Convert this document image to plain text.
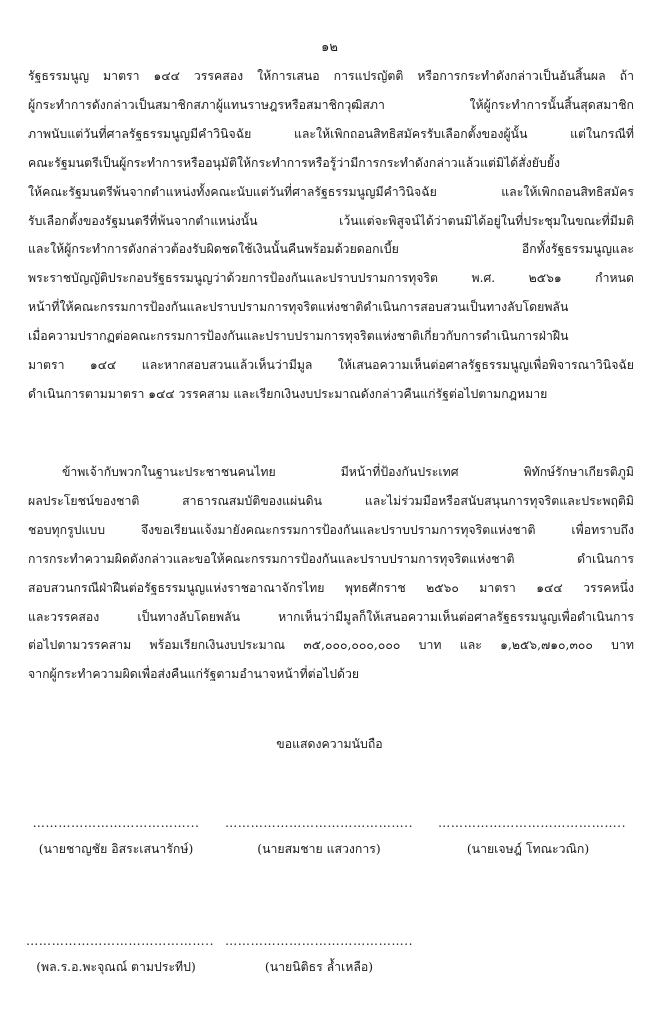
๑๒
รัฐธรรมนูญ มาตรา ๑๔๔ วรรคสอง ให้การเสนอ การแปรญัตติ หรือการกระทำดังกล่าวเป็นอันสิ้นผล ถ้า
ผู้กระทำการดังกล่าวเป็นสมาชิกสภาผู้แทนราษฎรหรือสมาชิกวุฒิสภา ให้ผู้กระทำการนั้นสิ้นสุดสมาชิก
ภาพนับแต่วันที่ศาลรัฐธรรมนูญมีคำวินิจฉัย และให้เพิกถอนสิทธิสมัครรับเลือกตั้งของผู้นั้น แต่ในกรณีที่
คณะรัฐมนตรีเป็นผู้กระทำการหรืออนุมัติให้กระทำการหรือรู้ว่ามีการกระทำดังกล่าวแล้วแต่มิได้สั่งยับยั้ง
ให้คณะรัฐมนตรีพ้นจากตำแหน่งทั้งคณะนับแต่วันที่ศาลรัฐธรรมนูญมีคำวินิจฉัย และให้เพิกถอนสิทธิสมัคร
รับเลือกตั้งของรัฐมนตรีที่พ้นจากตำแหน่งนั้น เว้นแต่จะพิสูจน์ได้ว่าตนมิได้อยู่ในที่ประชุมในขณะที่มีมติ
และให้ผู้กระทำการดังกล่าวต้องรับผิดชดใช้เงินนั้นคืนพร้อมด้วยดอกเบี้ย อีกทั้งรัฐธรรมนูญและ
พระราชบัญญัติประกอบรัฐธรรมนูญว่าด้วยการป้องกันและปราบปรามการทุจริต พ.ศ. ๒๕๖๑ กำหนด
หน้าที่ให้คณะกรรมการป้องกันและปราบปรามการทุจริตแห่งชาติดำเนินการสอบสวนเป็นทางลับโดยพลัน
เมื่อความปรากฏต่อคณะกรรมการป้องกันและปราบปรามการทุจริตแห่งชาติเกี่ยวกับการดำเนินการฝ่าฝืน
มาตรา ๑๔๔ และหากสอบสวนแล้วเห็นว่ามีมูล ให้เสนอความเห็นต่อศาลรัฐธรรมนูญเพื่อพิจารณาวินิจฉัย
ดำเนินการตามมาตรา ๑๔๔ วรรคสาม และเรียกเงินงบประมาณดังกล่าวคืนแก่รัฐต่อไปตามกฎหมาย
ข้าพเจ้ากับพวกในฐานะประชาชนคนไทย มีหน้าที่ป้องกันประเทศ พิทักษ์รักษาเกียรติภูมิ
ผลประโยชน์ของชาติ สาธารณสมบัติของแผ่นดิน และไม่ร่วมมือหรือสนับสนุนการทุจริตและประพฤติมิ
ชอบทุกรูปแบบ จึงขอเรียนแจ้งมายังคณะกรรมการป้องกันและปราบปรามการทุจริตแห่งชาติ เพื่อทราบถึง
การกระทำความผิดดังกล่าวและขอให้คณะกรรมการป้องกันและปราบปรามการทุจริตแห่งชาติ ดำเนินการ
สอบสวนกรณีฝ่าฝืนต่อรัฐธรรมนูญแห่งราชอาณาจักรไทย พุทธศักราช ๒๕๖๐ มาตรา ๑๔๔ วรรคหนึ่ง
และวรรคสอง เป็นทางลับโดยพลัน หากเห็นว่ามีมูลก็ให้เสนอความเห็นต่อศาลรัฐธรรมนูญเพื่อดำเนินการ
ต่อไปตามวรรคสาม พร้อมเรียกเงินงบประมาณ ๓๕,๐๐๐,๐๐๐,๐๐๐ บาท และ ๑,๒๕๖,๗๑๐,๓๐๐ บาท
จากผู้กระทำความผิดเพื่อส่งคืนแก่รัฐตามอำนาจหน้าที่ต่อไปด้วย
ขอแสดงความนับถือ
………………………………...
(นายชาญชัย อิสระเสนารักษ์)
……………………………………..
(นายสมชาย แสวงการ)
……………………………………..
(นายเจษฎ์ โทณะวณิก)
……………………………………..
(พล.ร.อ.พะจุณณ์ ตามประทีป)
……………………………………..
(นายนิติธร ล้ำเหลือ)
